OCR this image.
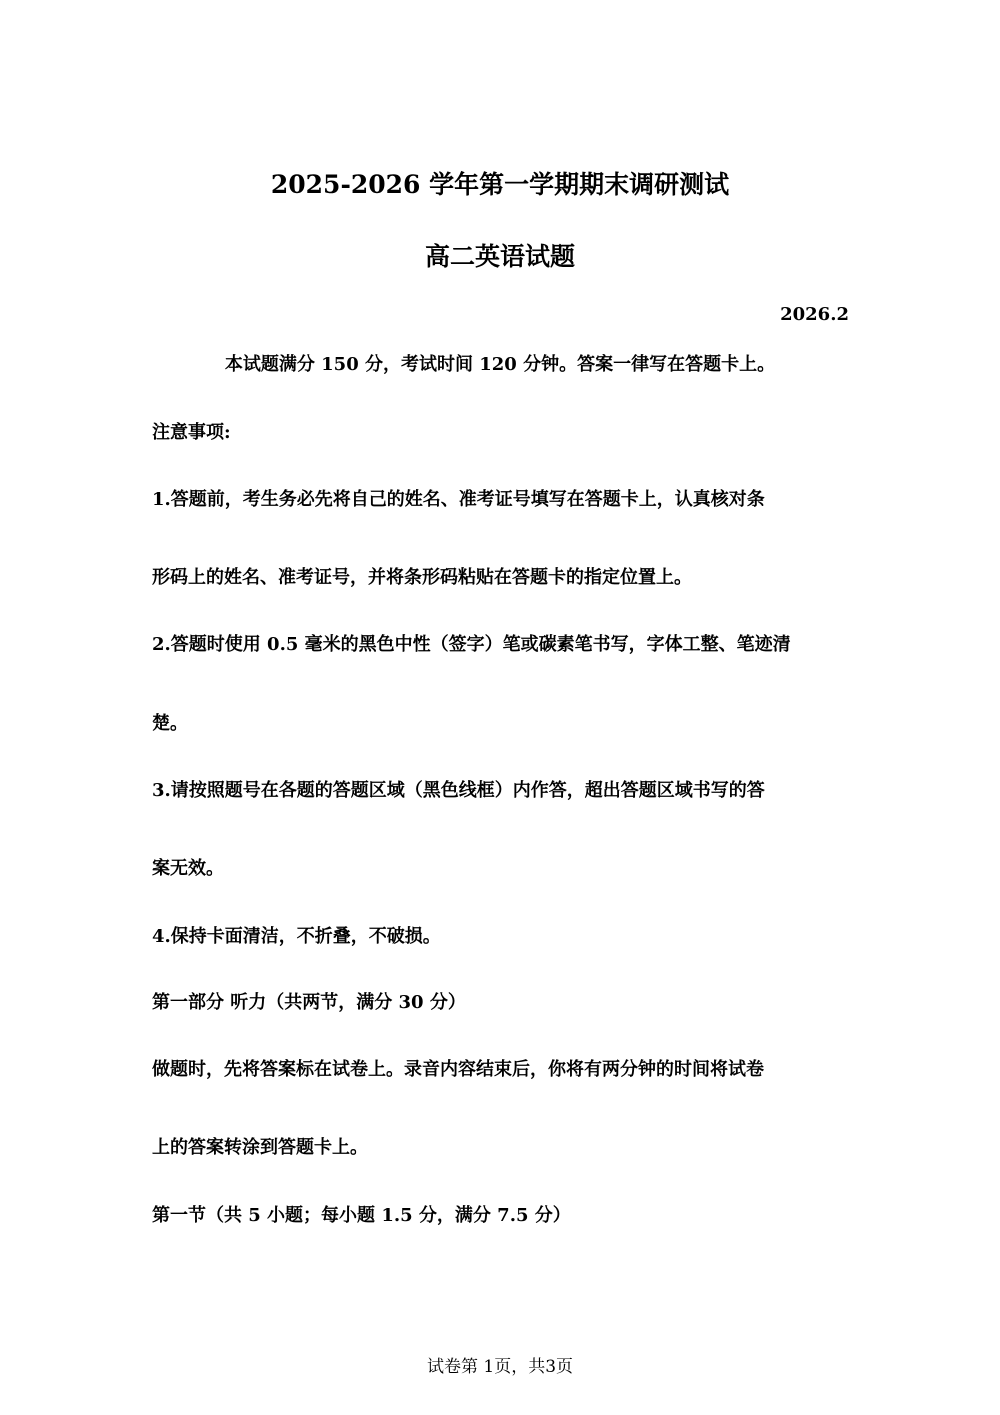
2025-2026 学年第一学期期末调研测试
高二英语试题
2026.2
本试题满分 150 分，考试时间 120 分钟。答案一律写在答题卡上。
注意事项:
1.答题前，考生务必先将自己的姓名、准考证号填写在答题卡上，认真核对条
形码上的姓名、准考证号，并将条形码粘贴在答题卡的指定位置上。
2.答题时使用 0.5 毫米的黑色中性（签字）笔或碳素笔书写，字体工整、笔迹清
楚。
3.请按照题号在各题的答题区域（黑色线框）内作答，超出答题区域书写的答
案无效。
4.保持卡面清洁，不折叠，不破损。
第一部分 听力（共两节，满分 30 分）
做题时，先将答案标在试卷上。录音内容结束后，你将有两分钟的时间将试卷
上的答案转涂到答题卡上。
第一节（共 5 小题；每小题 1.5 分，满分 7.5 分）
试卷第 1页，共3页
